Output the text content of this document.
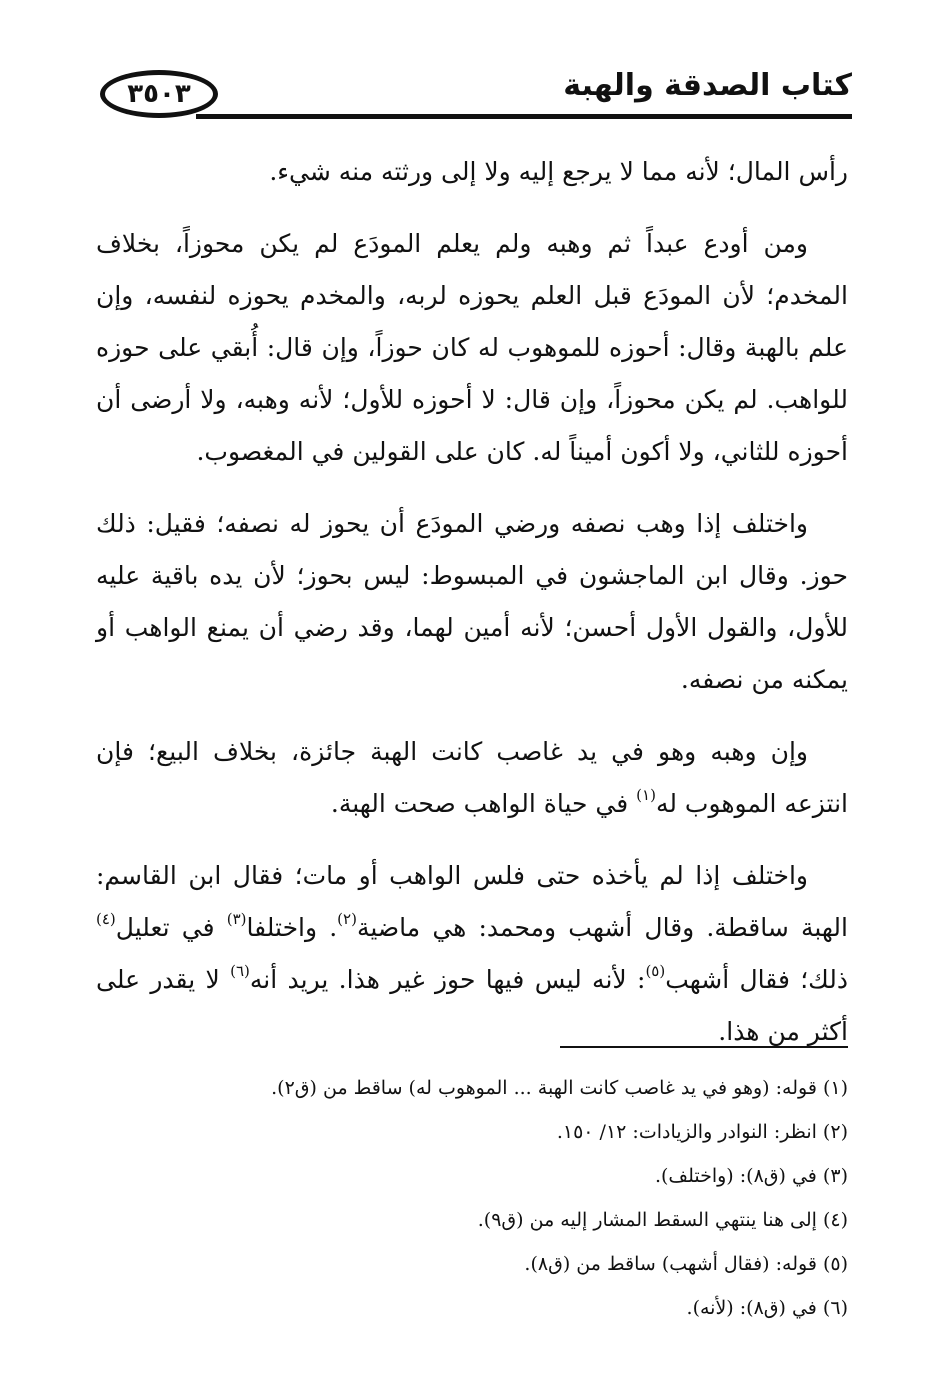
كتاب الصدقة والهبة
٣٥٠٣

رأس المال؛ لأنه مما لا يرجع إليه ولا إلى ورثته منه شيء.

ومن أودع عبداً ثم وهبه ولم يعلم المودَع لم يكن محوزاً، بخلاف المخدم؛ لأن المودَع قبل العلم يحوزه لربه، والمخدم يحوزه لنفسه، وإن علم بالهبة وقال: أحوزه للموهوب له كان حوزاً، وإن قال: أُبقي على حوزه للواهب. لم يكن محوزاً، وإن قال: لا أحوزه للأول؛ لأنه وهبه، ولا أرضى أن أحوزه للثاني، ولا أكون أميناً له. كان على القولين في المغصوب.

واختلف إذا وهب نصفه ورضي المودَع أن يحوز له نصفه؛ فقيل: ذلك حوز. وقال ابن الماجشون في المبسوط: ليس بحوز؛ لأن يده باقية عليه للأول، والقول الأول أحسن؛ لأنه أمين لهما، وقد رضي أن يمنع الواهب أو يمكنه من نصفه.

وإن وهبه وهو في يد غاصب كانت الهبة جائزة، بخلاف البيع؛ فإن انتزعه الموهوب له$^{(١)}$ في حياة الواهب صحت الهبة.

واختلف إذا لم يأخذه حتى فلس الواهب أو مات؛ فقال ابن القاسم: الهبة ساقطة. وقال أشهب ومحمد: هي ماضية$^{(٢)}$. واختلفا$^{(٣)}$ في تعليل$^{(٤)}$ ذلك؛ فقال أشهب$^{(٥)}$: لأنه ليس فيها حوز غير هذا. يريد أنه$^{(٦)}$ لا يقدر على أكثر من هذا.

(١) قوله: (وهو في يد غاصب كانت الهبة ... الموهوب له) ساقط من (ق٢).
(٢) انظر: النوادر والزيادات: ١٢/ ١٥٠.
(٣) في (ق٨): (واختلف).
(٤) إلى هنا ينتهي السقط المشار إليه من (ق٩).
(٥) قوله: (فقال أشهب) ساقط من (ق٨).
(٦) في (ق٨): (لأنه).
